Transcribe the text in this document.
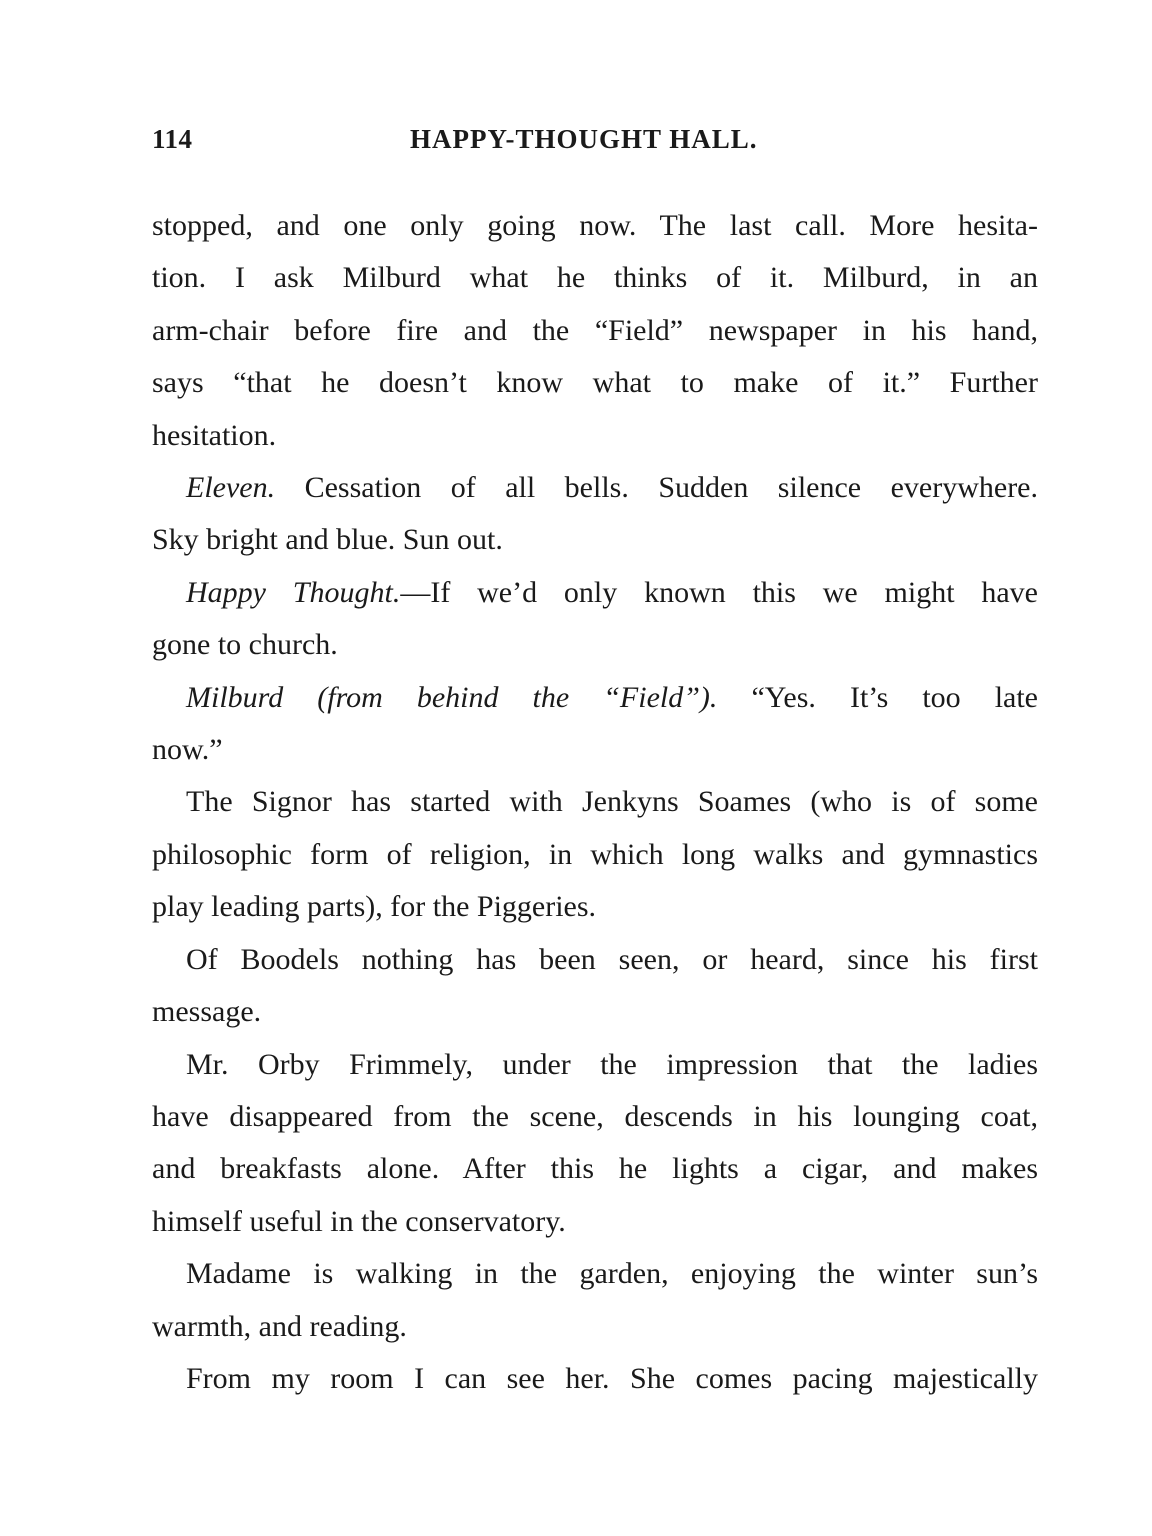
114	HAPPY-THOUGHT HALL.
stopped, and one only going now. The last call. More hesita-
tion. I ask Milburd what he thinks of it. Milburd, in an
arm-chair before fire and the “Field” newspaper in his hand,
says “that he doesn’t know what to make of it.” Further
hesitation.
Eleven. Cessation of all bells. Sudden silence everywhere.
Sky bright and blue. Sun out.
Happy Thought.—If we’d only known this we might have
gone to church.
Milburd (from behind the “Field”). “Yes. It’s too late
now.”
The Signor has started with Jenkyns Soames (who is of some
philosophic form of religion, in which long walks and gymnastics
play leading parts), for the Piggeries.
Of Boodels nothing has been seen, or heard, since his first
message.
Mr. Orby Frimmely, under the impression that the ladies
have disappeared from the scene, descends in his lounging coat,
and breakfasts alone. After this he lights a cigar, and makes
himself useful in the conservatory.
Madame is walking in the garden, enjoying the winter sun’s
warmth, and reading.
From my room I can see her. She comes pacing majestically
